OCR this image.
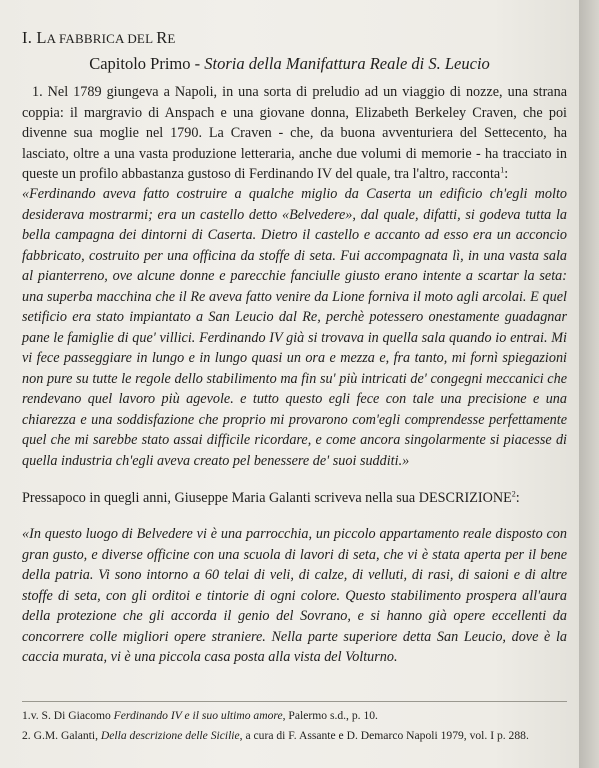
I. LA FABBRICA DEL RE
Capitolo Primo - Storia della Manifattura Reale di S. Leucio
1. Nel 1789 giungeva a Napoli, in una sorta di preludio ad un viaggio di nozze, una strana coppia: il margravio di Anspach e una giovane donna, Elizabeth Berkeley Craven, che poi divenne sua moglie nel 1790. La Craven - che, da buona avventuriera del Settecento, ha lasciato, oltre a una vasta produzione letteraria, anche due volumi di memorie - ha tracciato in queste un profilo abbastanza gustoso di Ferdinando IV del quale, tra l'altro, racconta$^1$:
«Ferdinando aveva fatto costruire a qualche miglio da Caserta un edificio ch'egli molto desiderava mostrarmi; era un castello detto «Belvedere», dal quale, difatti, si godeva tutta la bella campagna dei dintorni di Caserta. Dietro il castello e accanto ad esso era un acconcio fabbricato, costruito per una officina da stoffe di seta. Fui accompagnata lì, in una vasta sala al pianterreno, ove alcune donne e parecchie fanciulle giusto erano intente a scartar la seta: una superba macchina che il Re aveva fatto venire da Lione forniva il moto agli arcolai. E quel setificio era stato impiantato a San Leucio dal Re, perchè potessero onestamente guadagnar pane le famiglie di que' villici. Ferdinando IV già si trovava in quella sala quando io entrai. Mi vi fece passeggiare in lungo e in lungo quasi un ora e mezza e, fra tanto, mi fornì spiegazioni non pure su tutte le regole dello stabilimento ma fin su' più intricati de' congegni meccanici che rendevano quel lavoro più agevole. e tutto questo egli fece con tale una precisione e una chiarezza e una soddisfazione che proprio mi provarono com'egli comprendesse perfettamente quel che mi sarebbe stato assai difficile ricordare, e come ancora singolarmente si piacesse di quella industria ch'egli aveva creato pel benessere de' suoi sudditi.»
Pressapoco in quegli anni, Giuseppe Maria Galanti scriveva nella sua DESCRIZIONE$^2$:
«In questo luogo di Belvedere vi è una parrocchia, un piccolo appartamento reale disposto con gran gusto, e diverse officine con una scuola di lavori di seta, che vi è stata aperta per il bene della patria. Vi sono intorno a 60 telai di veli, di calze, di velluti, di rasi, di saioni e di altre stoffe di seta, con gli orditoi e tintorie di ogni colore. Questo stabilimento prospera all'aura della protezione che gli accorda il genio del Sovrano, e si hanno già opere eccellenti da concorrere colle migliori opere straniere. Nella parte superiore detta San Leucio, dove è la caccia murata, vi è una piccola casa posta alla vista del Volturno.
1.v. S. Di Giacomo Ferdinando IV e il suo ultimo amore, Palermo s.d., p. 10.
2. G.M. Galanti, Della descrizione delle Sicilie, a cura di F. Assante e D. Demarco Napoli 1979, vol. I p. 288.
